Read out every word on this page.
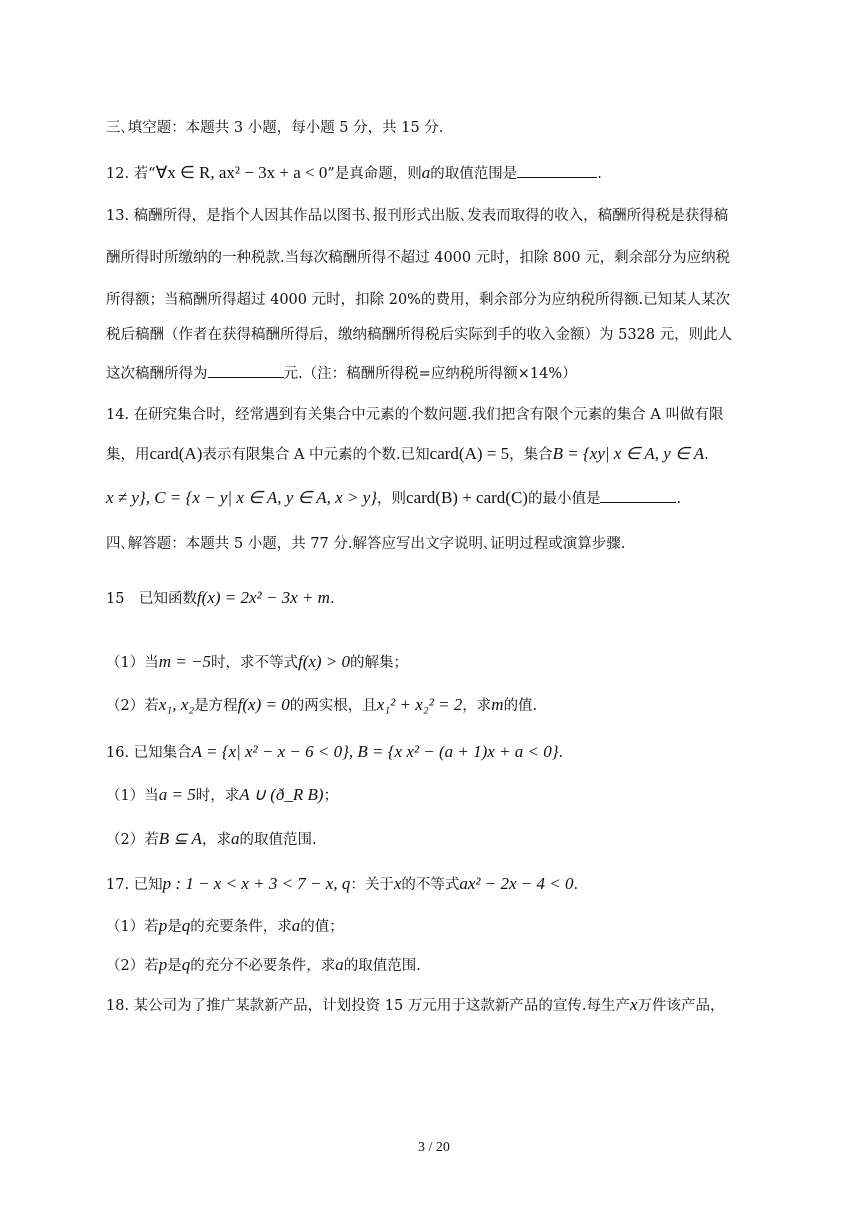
三､填空题：本题共 3 小题，每小题 5 分，共 15 分.
12. 若“∀x ∈ R, ax² − 3x + a < 0”是真命题，则a的取值范围是	.
13. 稿酬所得，是指个人因其作品以图书､报刊形式出版､发表而取得的收入，稿酬所得税是获得稿
酬所得时所缴纳的一种税款.当每次稿酬所得不超过 4000 元时，扣除 800 元，剩余部分为应纳税
所得额；当稿酬所得超过 4000 元时，扣除 20%的费用，剩余部分为应纳税所得额.已知某人某次
税后稿酬（作者在获得稿酬所得后，缴纳稿酬所得税后实际到手的收入金额）为 5328 元，则此人
这次稿酬所得为	元.（注：稿酬所得税=应纳税所得额×14%）
14. 在研究集合时，经常遇到有关集合中元素的个数问题.我们把含有限个元素的集合 A 叫做有限
集，用card(A)表示有限集合 A 中元素的个数.已知card(A) = 5，集合B = {xy| x ∈ A, y ∈ A.
x ≠ y}, C = {x − y| x ∈ A, y ∈ A, x > y}，则card(B) + card(C)的最小值是	.
四､解答题：本题共 5 小题，共 77 分.解答应写出文字说明､证明过程或演算步骤.
15　已知函数f(x) = 2x² − 3x + m.
（1）当m = −5时，求不等式f(x) > 0的解集；
（2）若x₁, x₂是方程f(x) = 0的两实根，且x₁² + x₂² = 2，求m的值.
16. 已知集合A = {x| x² − x − 6 < 0}, B = {x x² − (a + 1)x + a < 0}.
（1）当a = 5时，求A ∪ (ð_R B)；
（2）若B ⊆ A，求a的取值范围.
17. 已知p : 1 − x < x + 3 < 7 − x, q：关于x的不等式ax² − 2x − 4 < 0.
（1）若p是q的充要条件，求a的值；
（2）若p是q的充分不必要条件，求a的取值范围.
18. 某公司为了推广某款新产品，计划投资 15 万元用于这款新产品的宣传.每生产x万件该产品，
3 / 20
